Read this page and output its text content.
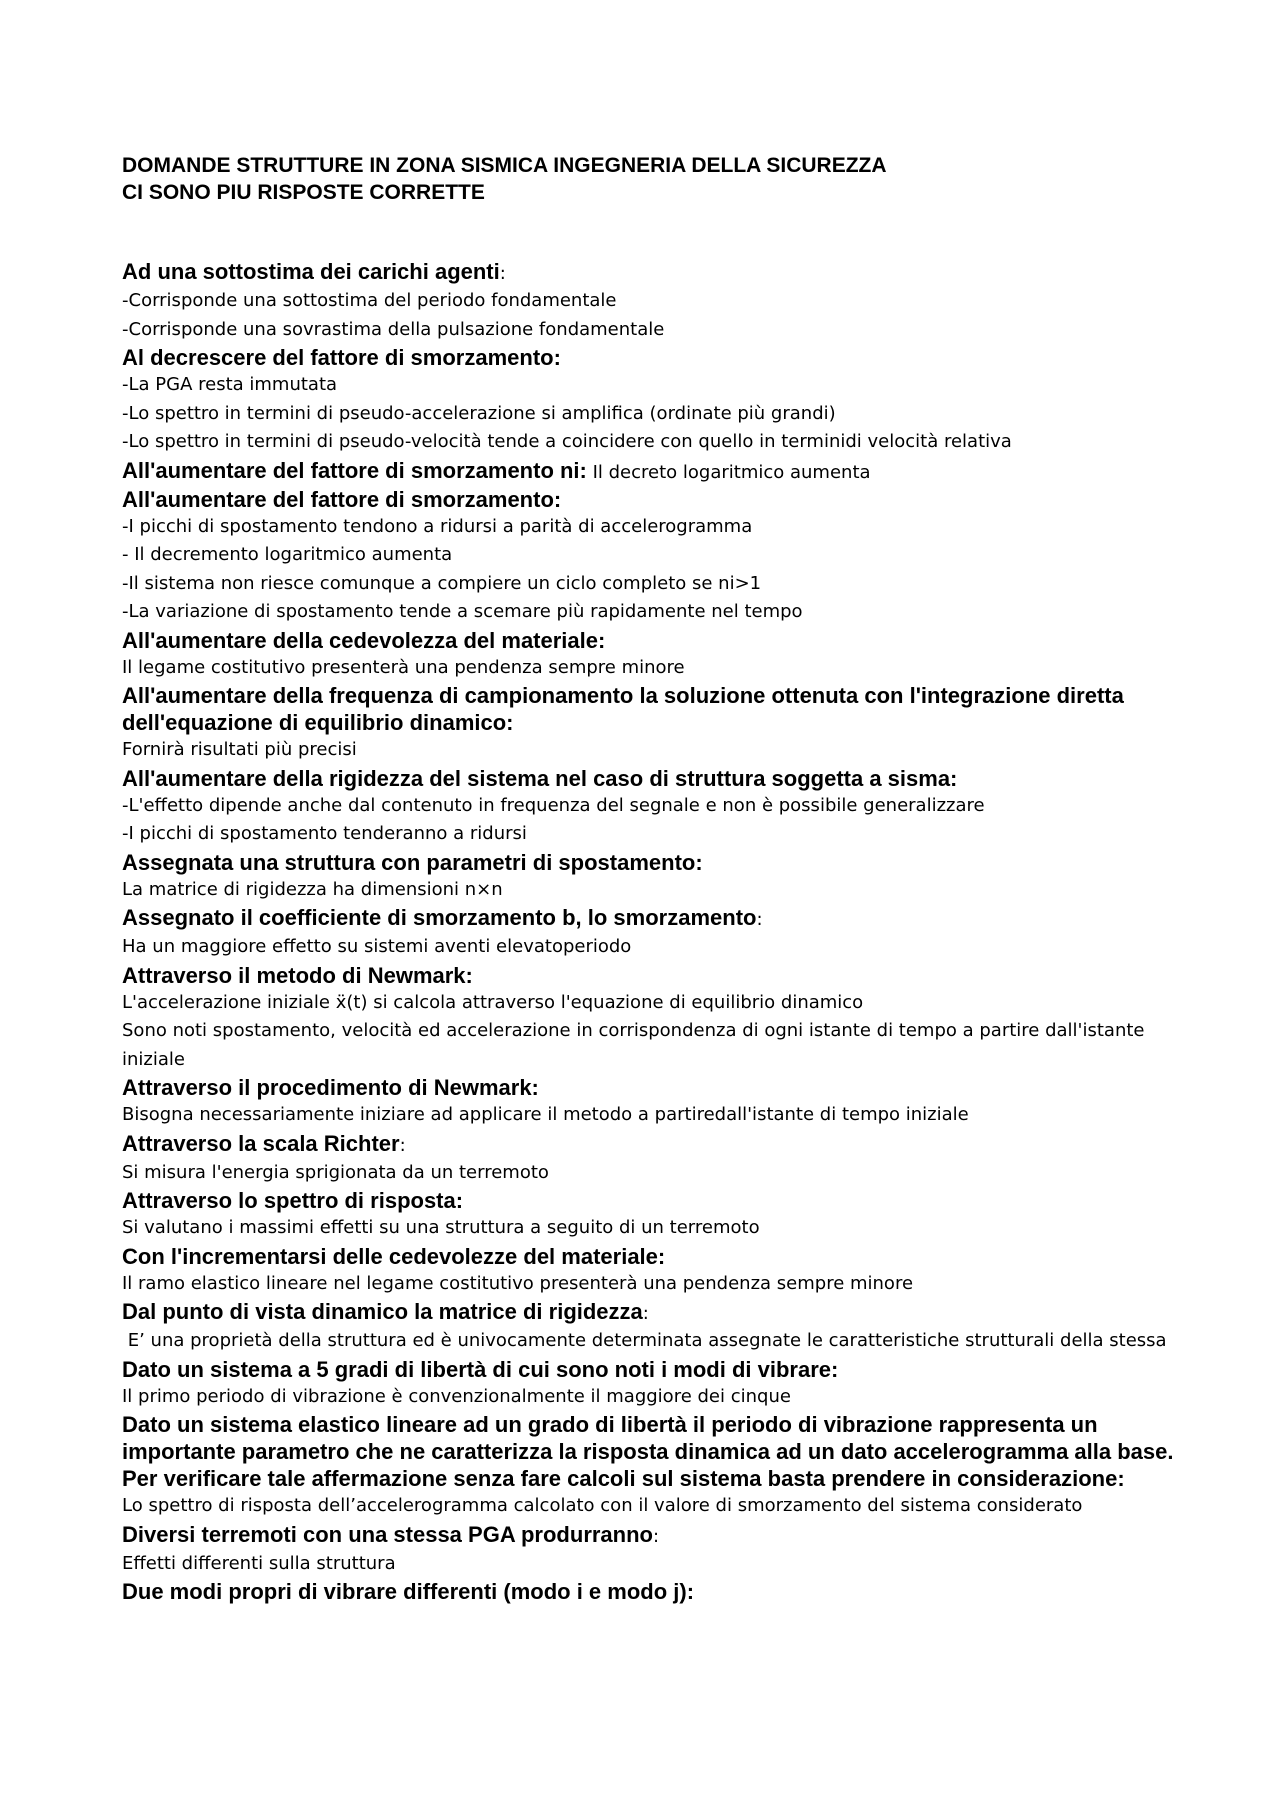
DOMANDE STRUTTURE IN ZONA SISMICA INGEGNERIA DELLA SICUREZZA

CI SONO PIU RISPOSTE CORRETTE

Ad una sottostima dei carichi agenti:

-Corrisponde una sottostima del periodo fondamentale

-Corrisponde una sovrastima della pulsazione fondamentale

Al decrescere del fattore di smorzamento:

-La PGA resta immutata

-Lo spettro in termini di pseudo-accelerazione si amplifica (ordinate più grandi)

-Lo spettro in termini di pseudo-velocità tende a coincidere con quello in terminidi velocità relativa

All'aumentare del fattore di smorzamento ni: Il decreto logaritmico aumenta

All'aumentare del fattore di smorzamento:

-I picchi di spostamento tendono a ridursi a parità di accelerogramma

- Il decremento logaritmico aumenta

-Il sistema non riesce comunque a compiere un ciclo completo se ni>1

-La variazione di spostamento tende a scemare più rapidamente nel tempo

All'aumentare della cedevolezza del materiale:

Il legame costitutivo presenterà una pendenza sempre minore

All'aumentare della frequenza di campionamento la soluzione ottenuta con l'integrazione diretta dell'equazione di equilibrio dinamico:

Fornirà risultati più precisi

All'aumentare della rigidezza del sistema nel caso di struttura soggetta a sisma:

-L'effetto dipende anche dal contenuto in frequenza del segnale e non è possibile generalizzare

-I picchi di spostamento tenderanno a ridursi

Assegnata una struttura con parametri di spostamento:

La matrice di rigidezza ha dimensioni n×n

Assegnato il coefficiente di smorzamento b, lo smorzamento:

Ha un maggiore effetto su sistemi aventi elevatoperiodo

Attraverso il metodo di Newmark:

L'accelerazione iniziale ẍ(t) si calcola attraverso l'equazione di equilibrio dinamico

Sono noti spostamento, velocità ed accelerazione in corrispondenza di ogni istante di tempo a partire dall'istante iniziale

Attraverso il procedimento di Newmark:

Bisogna necessariamente iniziare ad applicare il metodo a partiredall'istante di tempo iniziale

Attraverso la scala Richter:

Si misura l'energia sprigionata da un terremoto

Attraverso lo spettro di risposta:

Si valutano i massimi effetti su una struttura a seguito di un terremoto

Con l'incrementarsi delle cedevolezze del materiale:

Il ramo elastico lineare nel legame costitutivo presenterà una pendenza sempre minore

Dal punto di vista dinamico la matrice di rigidezza:

E’ una proprietà della struttura ed è univocamente determinata assegnate le caratteristiche strutturali della stessa

Dato un sistema a 5 gradi di libertà di cui sono noti i modi di vibrare:

Il primo periodo di vibrazione è convenzionalmente il maggiore dei cinque

Dato un sistema elastico lineare ad un grado di libertà il periodo di vibrazione rappresenta un importante parametro che ne caratterizza la risposta dinamica ad un dato accelerogramma alla base. Per verificare tale affermazione senza fare calcoli sul sistema basta prendere in considerazione:

Lo spettro di risposta dell’accelerogramma calcolato con il valore di smorzamento del sistema considerato

Diversi terremoti con una stessa PGA produrranno:

Effetti differenti sulla struttura

Due modi propri di vibrare differenti (modo i e modo j):
